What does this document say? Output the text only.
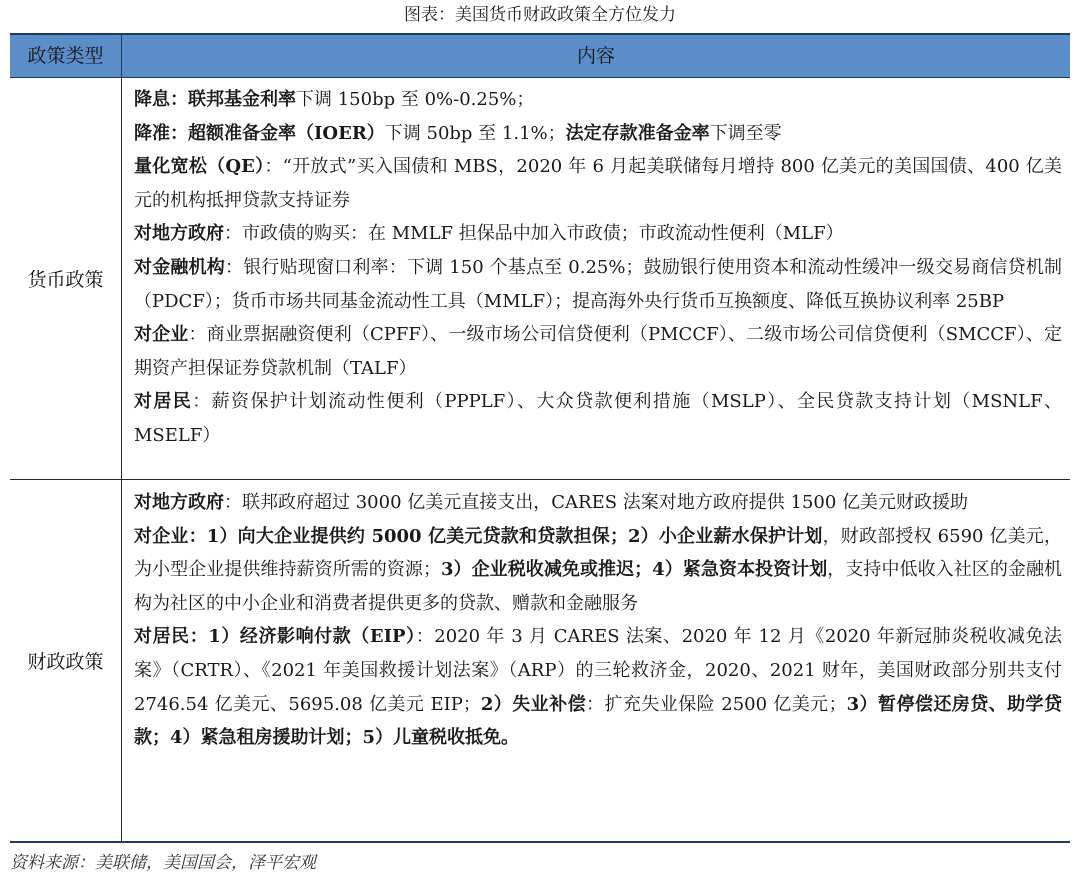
图表：美国货币财政政策全方位发力
政策类型	内容
货币政策

降息：联邦基金利率下调 150bp 至 0%-0.25%；

降准：超额准备金率（IOER）下调 50bp 至 1.1%；法定存款准备金率下调至零

量化宽松（QE）：“开放式”买入国债和 MBS，2020 年 6 月起美联储每月增持 800 亿美元的美国国债、400 亿美元的机构抵押贷款支持证券

对地方政府：市政债的购买：在 MMLF 担保品中加入市政债；市政流动性便利（MLF）

对金融机构：银行贴现窗口利率：下调 150 个基点至 0.25%；鼓励银行使用资本和流动性缓冲一级交易商信贷机制（PDCF）；货币市场共同基金流动性工具（MMLF）；提高海外央行货币互换额度、降低互换协议利率 25BP

对企业：商业票据融资便利（CPFF）、一级市场公司信贷便利（PMCCF）、二级市场公司信贷便利（SMCCF）、定期资产担保证券贷款机制（TALF）

对居民：薪资保护计划流动性便利（PPPLF）、大众贷款便利措施（MSLP）、全民贷款支持计划（MSNLF、MSELF）

财政政策

对地方政府：联邦政府超过 3000 亿美元直接支出，CARES 法案对地方政府提供 1500 亿美元财政援助

对企业：1）向大企业提供约 5000 亿美元贷款和贷款担保；2）小企业薪水保护计划，财政部授权 6590 亿美元，为小型企业提供维持薪资所需的资源；3）企业税收减免或推迟；4）紧急资本投资计划，支持中低收入社区的金融机构为社区的中小企业和消费者提供更多的贷款、赠款和金融服务

对居民：1）经济影响付款（EIP）：2020 年 3 月 CARES 法案、2020 年 12 月《2020 年新冠肺炎税收减免法案》（CRTR）、《2021 年美国救援计划法案》（ARP）的三轮救济金，2020、2021 财年，美国财政部分别共支付 2746.54 亿美元、5695.08 亿美元 EIP；2）失业补偿：扩充失业保险 2500 亿美元；3）暂停偿还房贷、助学贷款；4）紧急租房援助计划；5）儿童税收抵免。

资料来源：美联储，美国国会，泽平宏观
